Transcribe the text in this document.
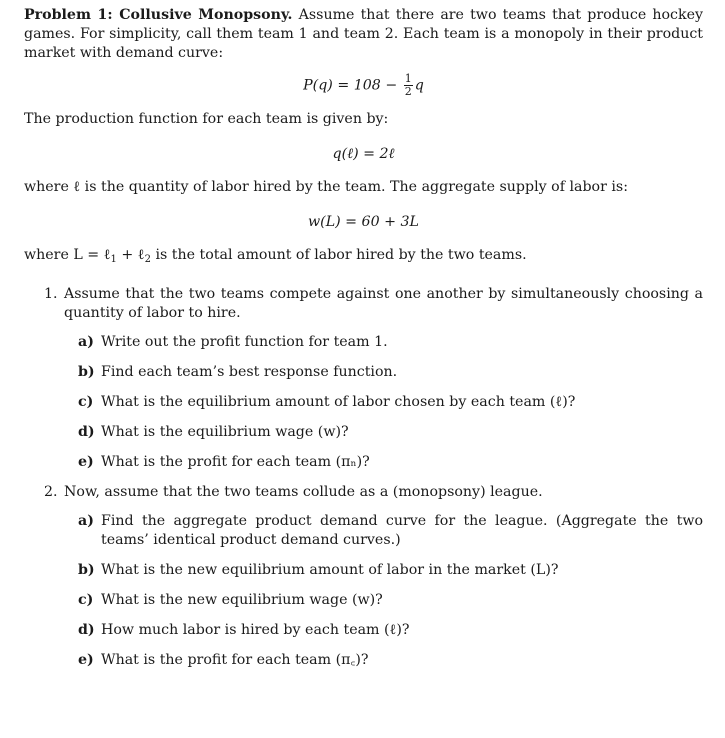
Problem 1: Collusive Monopsony. Assume that there are two teams that produce hockey games. For simplicity, call them team 1 and team 2. Each team is a monopoly in their product market with demand curve:

$P(q) = 108 - \frac{1}{2}$ q

The production function for each team is given by:

q(ℓ) = 2ℓ

where ℓ is the quantity of labor hired by the team. The aggregate supply of labor is:

w(L) = 60 + 3L

where L = ℓ$_1$ + ℓ$_2$ is the total amount of labor hired by the two teams.

1. Assume that the two teams compete against one another by simultaneously choosing a quantity of labor to hire.
a) Write out the profit function for team 1.
b) Find each team’s best response function.
c) What is the equilibrium amount of labor chosen by each team (ℓ)?
d) What is the equilibrium wage (w)?
e) What is the profit for each team (πₙ)?
2. Now, assume that the two teams collude as a (monopsony) league.
a) Find the aggregate product demand curve for the league. (Aggregate the two teams’ identical product demand curves.)
b) What is the new equilibrium amount of labor in the market (L)?
c) What is the new equilibrium wage (w)?
d) How much labor is hired by each team (ℓ)?
e) What is the profit for each team (π꜀)?
